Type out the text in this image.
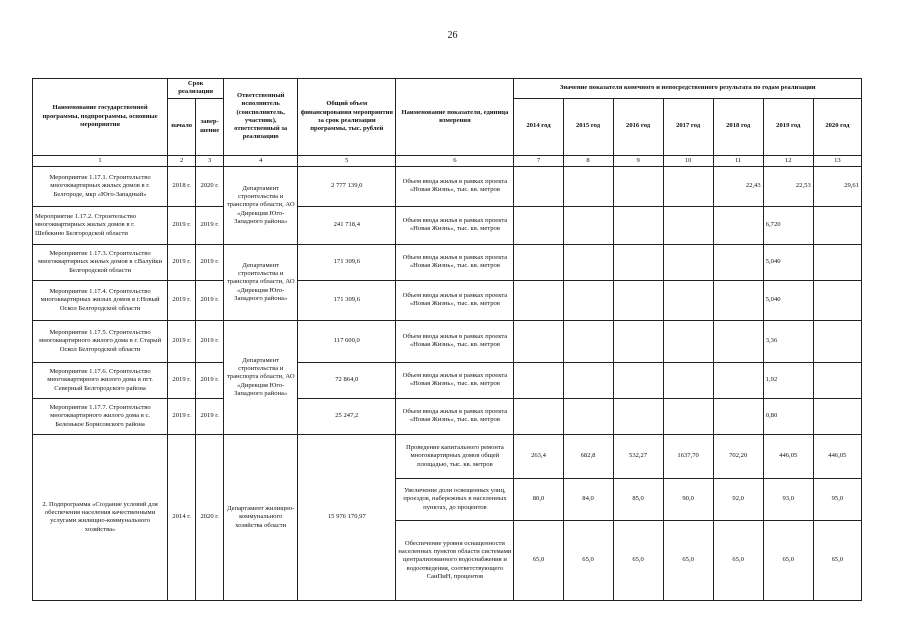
26
Наименование государственной программы, подпрограммы, основные мероприятия	Срок реализации		Ответственный исполнитель (соисполнитель, участник), ответственный за реализацию	Общий объем финансирования мероприятия за срок реализации программы, тыс. рублей	Наименование показателя, единица измерения	Значение показателя конечного и непосредственного результата по годам реализации						
	начало	завер-шение				2014 год	2015 год	2016 год	2017 год	2018 год	2019 год	2020 год
1	2	3	4	5	6	7	8	9	10	11	12	13
Мероприятие 1.17.1. Строительство многоквартирных жилых домов в г. Белгороде, мкр «Юго-Западный»	2018 г.	2020 г.	Департамент строительства и транспорта области, АО «Дирекция Юго-Западного района»	2 777 139,0	Объем ввода жилья в рамках проекта «Новая Жизнь», тыс. кв. метров					22,43	22,53	29,61
Мероприятие 1.17.2. Строительство многоквартирных жилых домов в г. Шебекино Белгородской области	2019 г.	2019 г.		241 718,4	Объем ввода жилья в рамках проекта «Новая Жизнь», тыс. кв. метров						6,720	
Мероприятие 1.17.3. Строительство многоквартирных жилых домов в г.Валуйки Белгородской области	2019 г.	2019 г.	Департамент строительства и транспорта области, АО «Дирекция Юго-Западного района»	171 309,6	Объем ввода жилья в рамках проекта «Новая Жизнь», тыс. кв. метров						5,040	
Мероприятие 1.17.4. Строительство многоквартирных жилых домов в г.Новый Оскол Белгородской области	2019 г.	2019 г.		171 309,6	Объем ввода жилья в рамках проекта «Новая Жизнь», тыс. кв. метров						5,040	
Мероприятие 1.17.5. Строительство многоквартирного жилого дома в г. Старый Оскол Белгородской области	2019 г.	2019 г.	Департамент строительства и транспорта области, АО «Дирекция Юго-Западного района»	117 600,0	Объем ввода жилья в рамках проекта «Новая Жизнь», тыс. кв. метров						3,36	
Мероприятие 1.17.6. Строительство многоквартирного жилого дома в пгт. Северный Белгородского района	2019 г.	2019 г.		72 864,0	Объем ввода жилья в рамках проекта «Новая Жизнь», тыс. кв. метров						1,92	
Мероприятие 1.17.7. Строительство многоквартирного жилого дома в с. Беленькое Борисовского района	2019 г.	2019 г.		25 247,2	Объем ввода жилья в рамках проекта «Новая Жизнь», тыс. кв. метров						0,80	
2. Подпрограмма «Создание условий для обеспечения населения качественными услугами жилищно-коммунального хозяйства»	2014 г.	2020 г.	Департамент жилищно-коммунального хозяйства области	15 976 170,97	Проведение капитального ремонта многоквартирных домов общей площадью, тыс. кв. метров	263,4	682,8	532,27	1637,70	702,20	446,05	446,05
					Увеличение доли освещенных улиц, проездов, набережных в населенных пунктах, до процентов	80,0	84,0	85,0	90,0	92,0	93,0	95,0
					Обеспечение уровня оснащенности населенных пунктов области системами централизованного водоснабжения и водоотведения, соответствующего СанПиН, процентов	65,0	65,0	65,0	65,0	65,0	65,0	65,0
